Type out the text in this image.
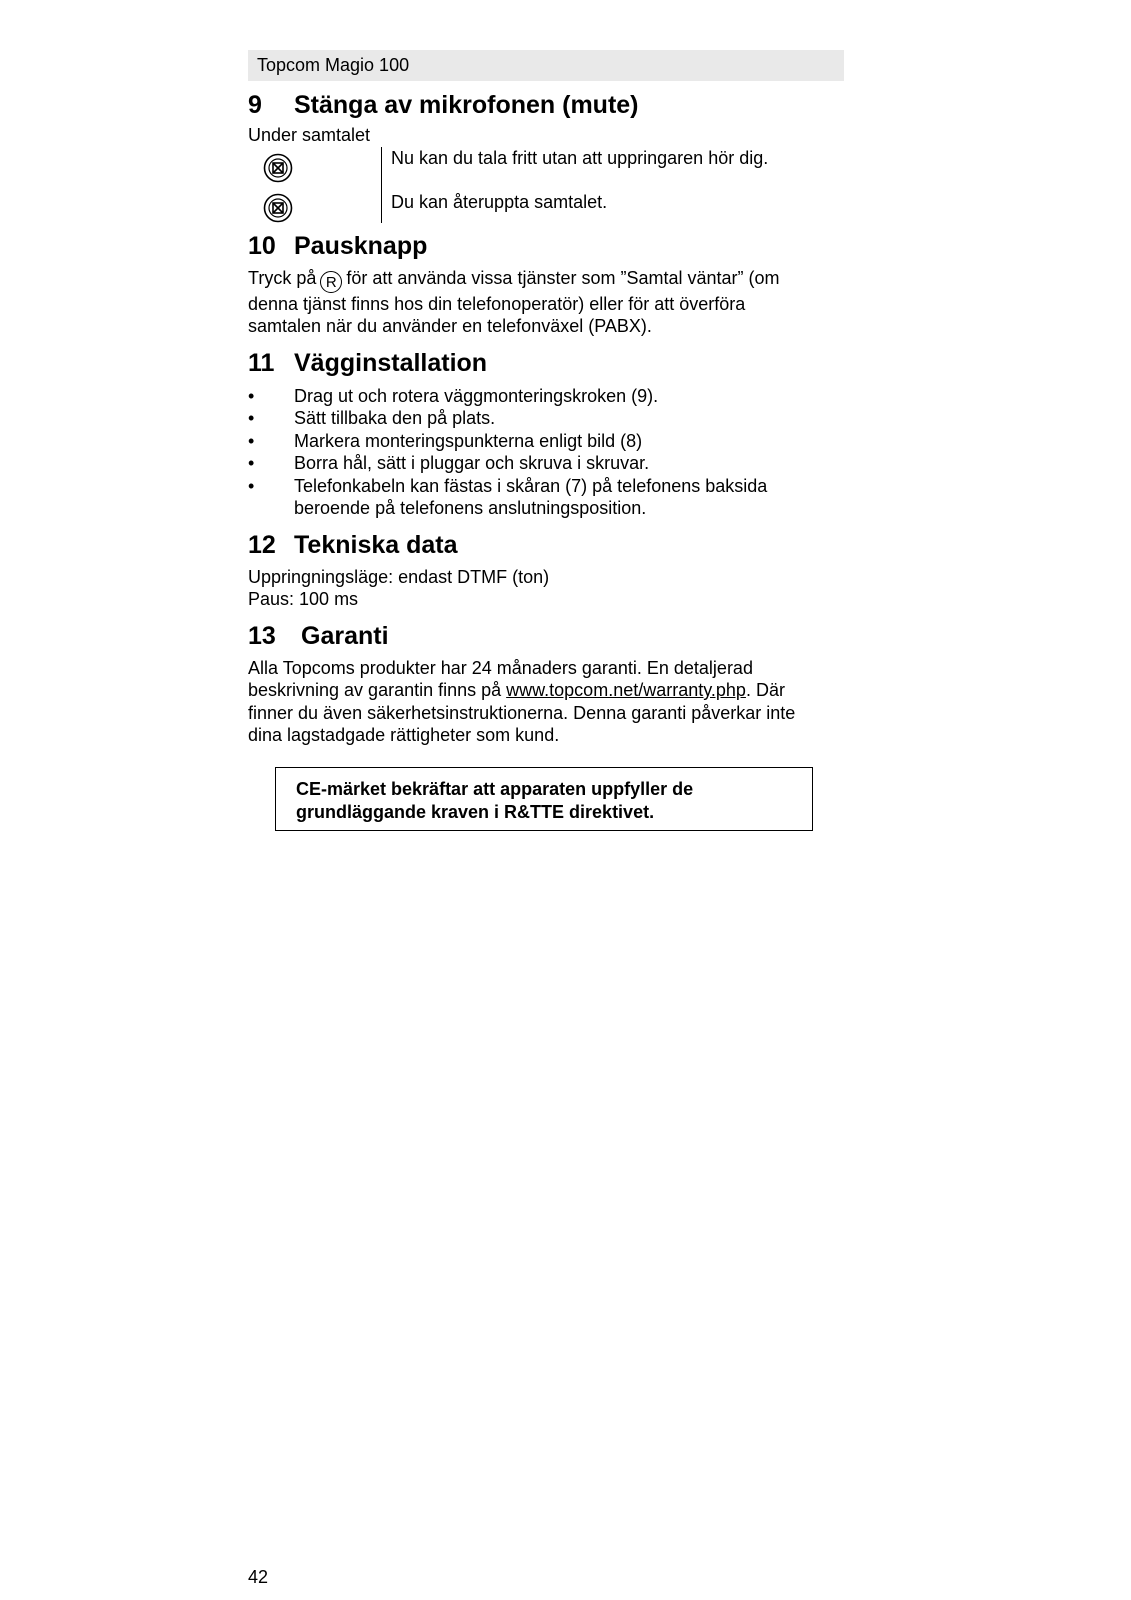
Topcom Magio 100
9	Stänga av mikrofonen (mute)

Under samtalet

Nu kan du tala fritt utan att uppringaren hör dig.
Du kan återuppta samtalet.
10 Pausknapp

Tryck på R för att använda vissa tjänster som ”Samtal väntar” (om
denna tjänst finns hos din telefonoperatör) eller för att överföra
samtalen när du använder en telefonväxel (PABX).

11 Vägginstallation
• Drag ut och rotera väggmonteringskroken (9).
• Sätt tillbaka den på plats.
• Markera monteringspunkterna enligt bild (8)
• Borra hål, sätt i pluggar och skruva i skruvar.
• Telefonkabeln kan fästas i skåran (7) på telefonens baksida
beroende på telefonens anslutningsposition.
12 Tekniska data

Uppringningsläge: endast DTMF (ton)
Paus: 100 ms

13	Garanti

Alla Topcoms produkter har 24 månaders garanti. En detaljerad
beskrivning av garantin finns på www.topcom.net/warranty.php. Där
finner du även säkerhetsinstruktionerna. Denna garanti påverkar inte
dina lagstadgade rättigheter som kund.

CE-märket bekräftar att apparaten uppfyller de
grundläggande kraven i R&TTE direktivet.
42
